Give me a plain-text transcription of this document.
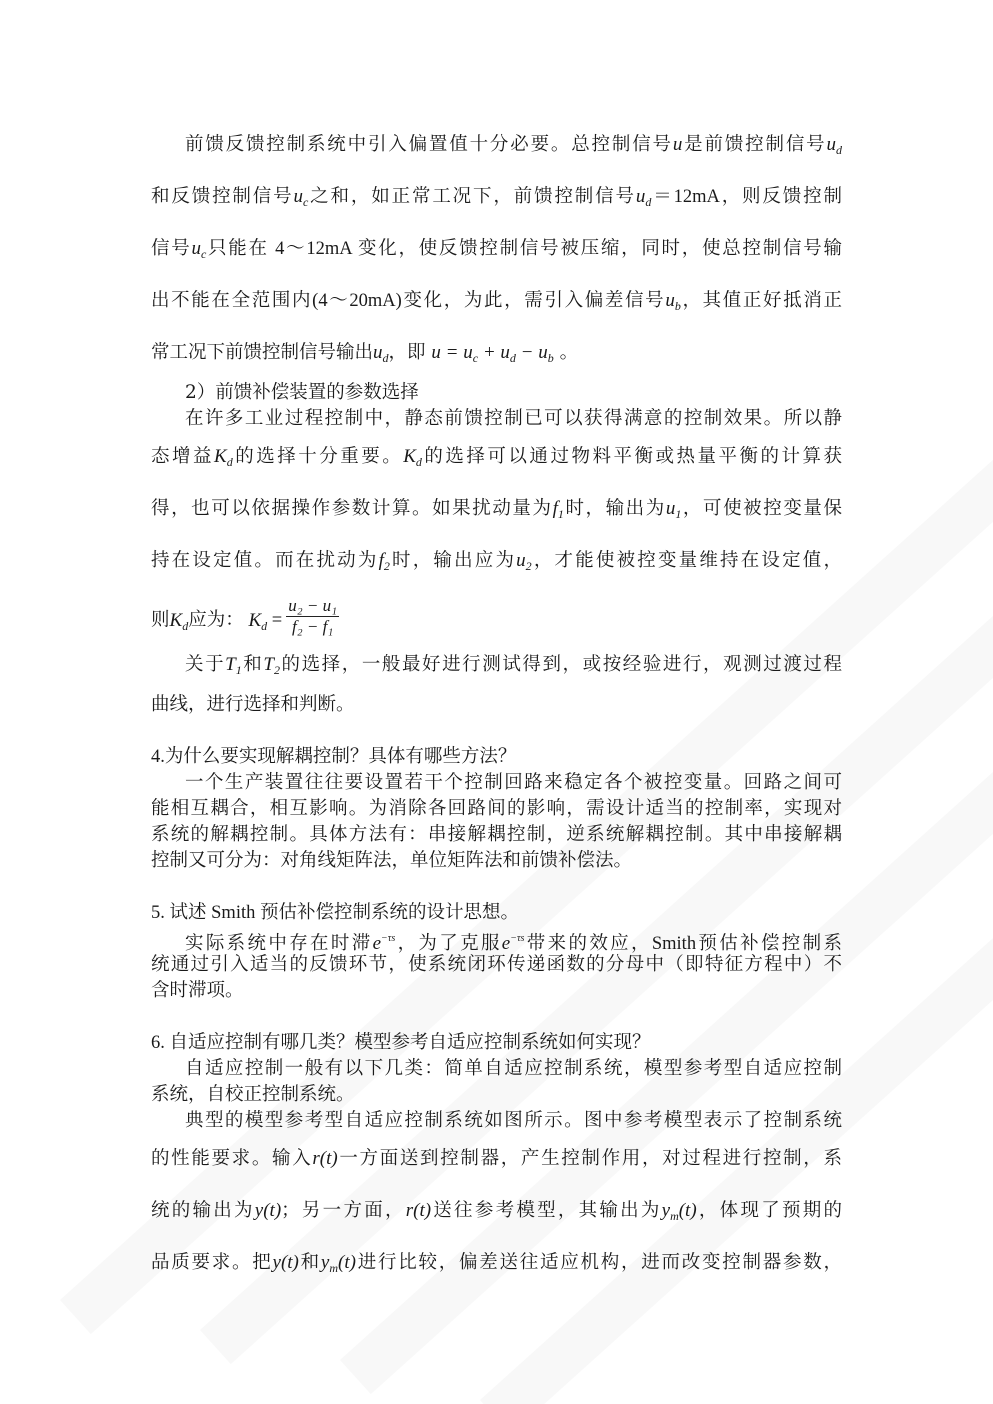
前馈反馈控制系统中引入偏置值十分必要。总控制信号u是前馈控制信号$u_d$
和反馈控制信号$u_c$之和，如正常工况下，前馈控制信号$u_d=12mA$，则反馈控制
信号$u_c$只能在 4～12mA 变化，使反馈控制信号被压缩，同时，使总控制信号输
出不能在全范围内(4～20mA)变化，为此，需引入偏差信号$u_b$，其值正好抵消正
常工况下前馈控制信号输出$u_d$，即 $u = u_c + u_d - u_b$ 。
2）前馈补偿装置的参数选择
在许多工业过程控制中，静态前馈控制已可以获得满意的控制效果。所以静
态增益$K_d$的选择十分重要。$K_d$的选择可以通过物料平衡或热量平衡的计算获
得，也可以依据操作参数计算。如果扰动量为$f_1$时，输出为$u_1$，可使被控变量保
持在设定值。而在扰动为$f_2$时，输出应为$u_2$，才能使被控变量维持在设定值，
则$K_d$应为： $K_d = \frac{\text{u₂ − u₁}}{\text{f₂ − f₁}}$
关于$T_1$和$T_2$的选择，一般最好进行测试得到，或按经验进行，观测过渡过程
曲线，进行选择和判断。
4.为什么要实现解耦控制？具体有哪些方法？
一个生产装置往往要设置若干个控制回路来稳定各个被控变量。回路之间可
能相互耦合，相互影响。为消除各回路间的影响，需设计适当的控制率，实现对
系统的解耦控制。具体方法有：串接解耦控制，逆系统解耦控制。其中串接解耦
控制又可分为：对角线矩阵法，单位矩阵法和前馈补偿法。
5. 试述 Smith 预估补偿控制系统的设计思想。
实际系统中存在时滞$e^{-\tau s}$，为了克服$e^{-\tau s}$带来的效应，Smith预估补偿控制系
统通过引入适当的反馈环节，使系统闭环传递函数的分母中（即特征方程中）不
含时滞项。
6. 自适应控制有哪几类？模型参考自适应控制系统如何实现？
自适应控制一般有以下几类：简单自适应控制系统，模型参考型自适应控制
系统，自校正控制系统。
典型的模型参考型自适应控制系统如图所示。图中参考模型表示了控制系统
的性能要求。输入r(t)一方面送到控制器，产生控制作用，对过程进行控制，系
统的输出为y(t)；另一方面，r(t)送往参考模型，其输出为$y_m(t)$，体现了预期的
品质要求。把y(t)和$y_m(t)$进行比较，偏差送往适应机构，进而改变控制器参数，
